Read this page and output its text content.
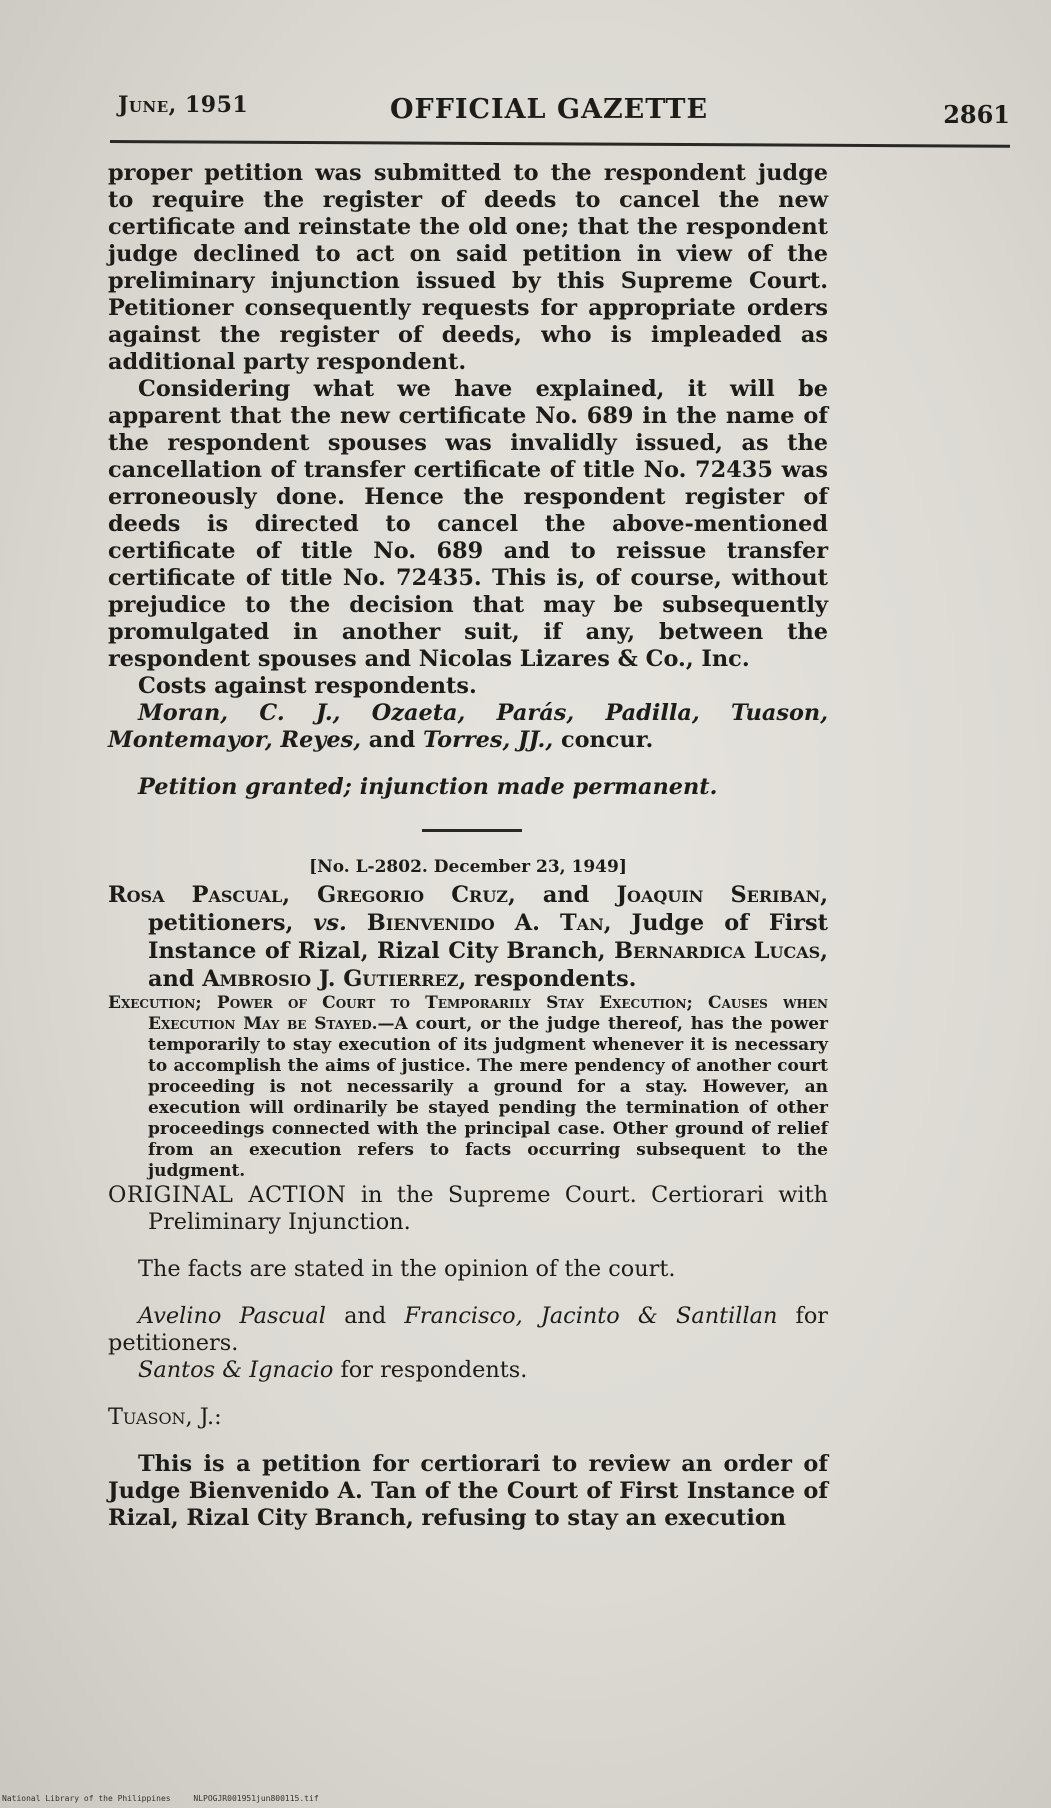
June, 1951	OFFICIAL GAZETTE	2861

proper petition was submitted to the respondent judge to require the register of deeds to cancel the new certificate and reinstate the old one; that the respondent judge declined to act on said petition in view of the preliminary injunction issued by this Supreme Court. Petitioner consequently requests for appropriate orders against the register of deeds, who is impleaded as additional party respondent.

Considering what we have explained, it will be apparent that the new certificate No. 689 in the name of the respondent spouses was invalidly issued, as the cancellation of transfer certificate of title No. 72435 was erroneously done. Hence the respondent register of deeds is directed to cancel the above-mentioned certificate of title No. 689 and to reissue transfer certificate of title No. 72435. This is, of course, without prejudice to the decision that may be subsequently promulgated in another suit, if any, between the respondent spouses and Nicolas Lizares & Co., Inc.

Costs against respondents.

Moran, C. J., Ozaeta, Parás, Padilla, Tuason, Montemayor, Reyes, and Torres, JJ., concur.

Petition granted; injunction made permanent.

[No. L-2802. December 23, 1949]

Rosa Pascual, Gregorio Cruz, and Joaquin Seriban, petitioners, vs. Bienvenido A. Tan, Judge of First Instance of Rizal, Rizal City Branch, Bernardica Lucas, and Ambrosio J. Gutierrez, respondents.

Execution; Power of Court to Temporarily Stay Execution; Causes when Execution May be Stayed.—A court, or the judge thereof, has the power temporarily to stay execution of its judgment whenever it is necessary to accomplish the aims of justice. The mere pendency of another court proceeding is not necessarily a ground for a stay. However, an execution will ordinarily be stayed pending the termination of other proceedings connected with the principal case. Other ground of relief from an execution refers to facts occurring subsequent to the judgment.

ORIGINAL ACTION in the Supreme Court. Certiorari with Preliminary Injunction.

The facts are stated in the opinion of the court.

Avelino Pascual and Francisco, Jacinto & Santillan for petitioners.

Santos & Ignacio for respondents.

Tuason, J.:

This is a petition for certiorari to review an order of Judge Bienvenido A. Tan of the Court of First Instance of Rizal, Rizal City Branch, refusing to stay an execution

National Library of the Philippines	NLPOGJR001951jun800115.tif
